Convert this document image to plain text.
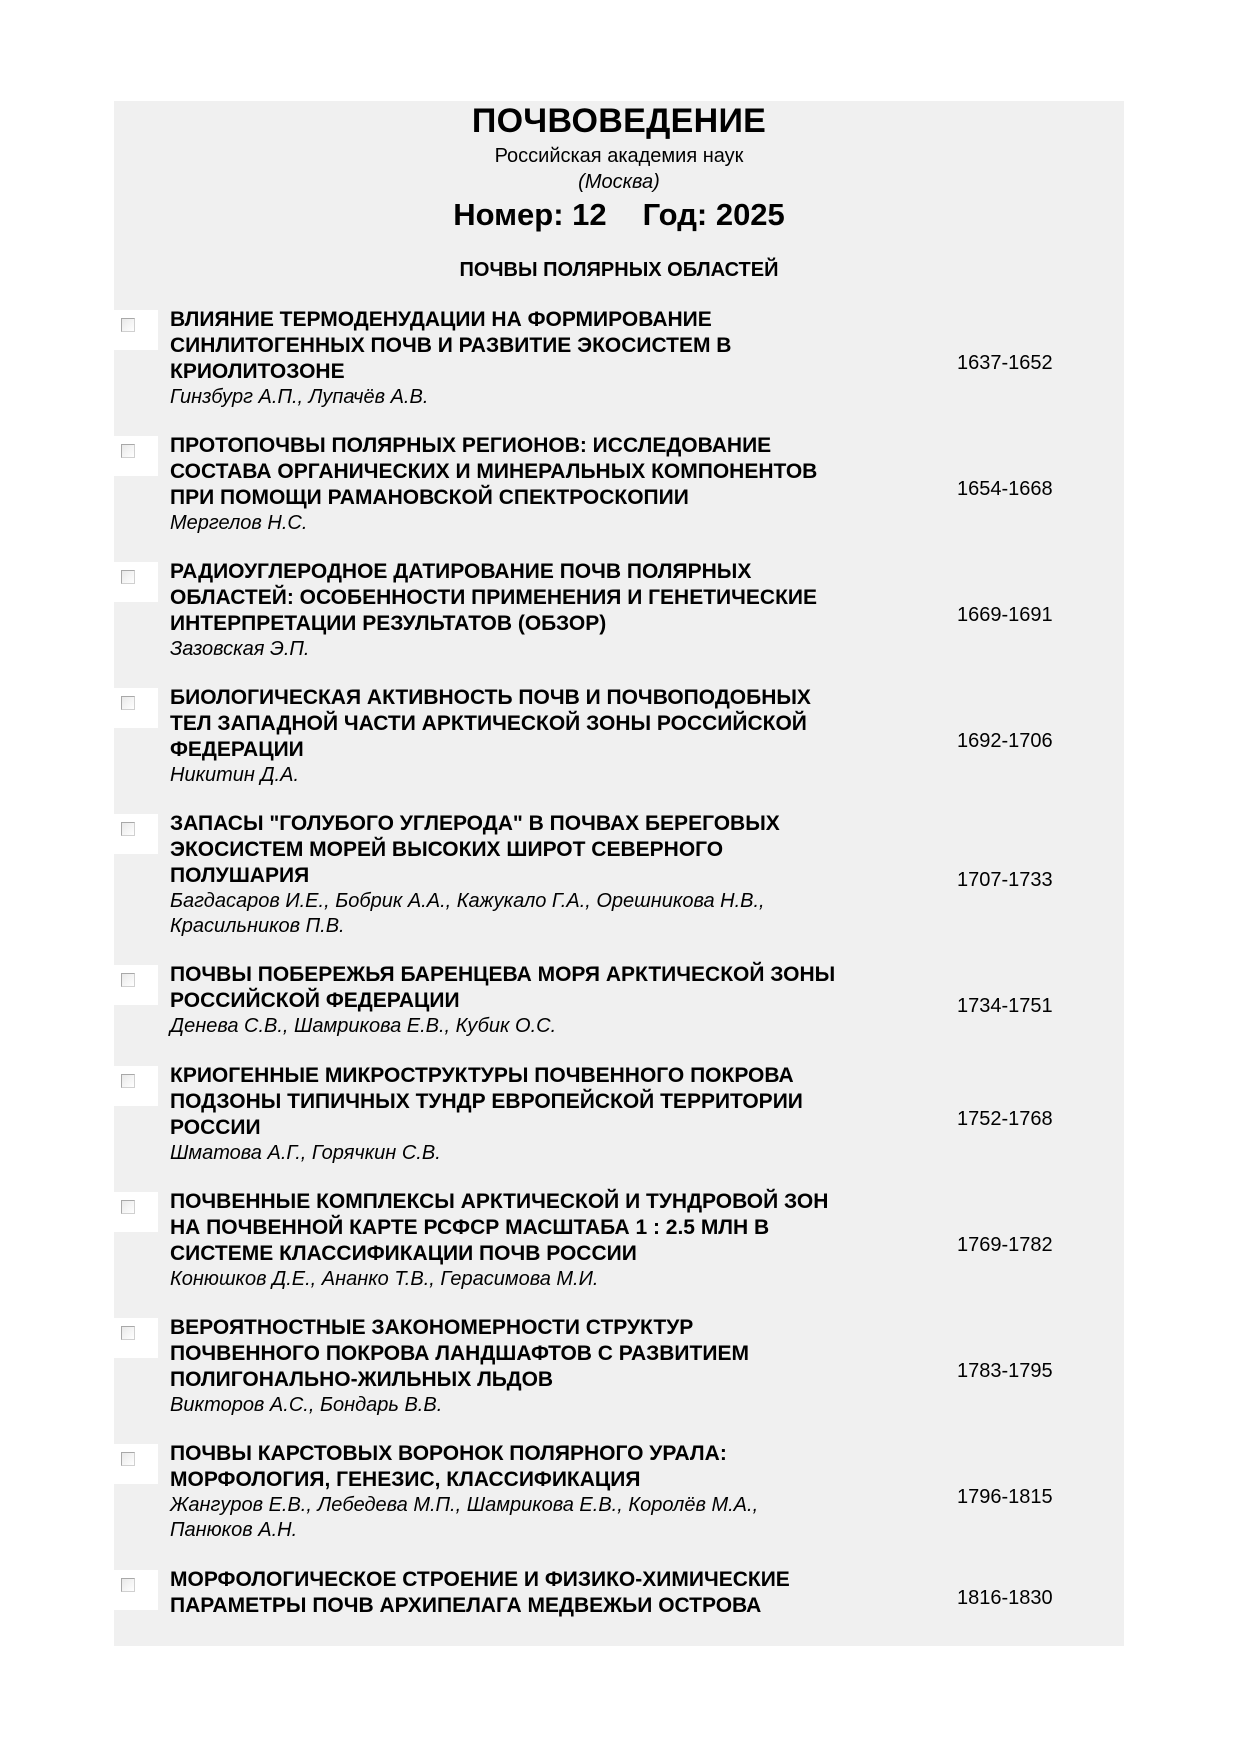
ПОЧВОВЕДЕНИЕ
Российская академия наук
(Москва)
Номер: 12 Год: 2025
ПОЧВЫ ПОЛЯРНЫХ ОБЛАСТЕЙ
ВЛИЯНИЕ ТЕРМОДЕНУДАЦИИ НА ФОРМИРОВАНИЕ
СИНЛИТОГЕННЫХ ПОЧВ И РАЗВИТИЕ ЭКОСИСТЕМ В
КРИОЛИТОЗОНЕ
Гинзбург А.П., Лупачёв А.В.
1637-1652
ПРОТОПОЧВЫ ПОЛЯРНЫХ РЕГИОНОВ: ИССЛЕДОВАНИЕ
СОСТАВА ОРГАНИЧЕСКИХ И МИНЕРАЛЬНЫХ КОМПОНЕНТОВ
ПРИ ПОМОЩИ РАМАНОВСКОЙ СПЕКТРОСКОПИИ
Мергелов Н.С.
1654-1668
РАДИОУГЛЕРОДНОЕ ДАТИРОВАНИЕ ПОЧВ ПОЛЯРНЫХ
ОБЛАСТЕЙ: ОСОБЕННОСТИ ПРИМЕНЕНИЯ И ГЕНЕТИЧЕСКИЕ
ИНТЕРПРЕТАЦИИ РЕЗУЛЬТАТОВ (ОБЗОР)
Зазовская Э.П.
1669-1691
БИОЛОГИЧЕСКАЯ АКТИВНОСТЬ ПОЧВ И ПОЧВОПОДОБНЫХ
ТЕЛ ЗАПАДНОЙ ЧАСТИ АРКТИЧЕСКОЙ ЗОНЫ РОССИЙСКОЙ
ФЕДЕРАЦИИ
Никитин Д.А.
1692-1706
ЗАПАСЫ "ГОЛУБОГО УГЛЕРОДА" В ПОЧВАХ БЕРЕГОВЫХ
ЭКОСИСТЕМ МОРЕЙ ВЫСОКИХ ШИРОТ СЕВЕРНОГО
ПОЛУШАРИЯ
Багдасаров И.Е., Бобрик А.А., Кажукало Г.А., Орешникова Н.В.,
Красильников П.В.
1707-1733
ПОЧВЫ ПОБЕРЕЖЬЯ БАРЕНЦЕВА МОРЯ АРКТИЧЕСКОЙ ЗОНЫ
РОССИЙСКОЙ ФЕДЕРАЦИИ
Денева С.В., Шамрикова Е.В., Кубик О.С.
1734-1751
КРИОГЕННЫЕ МИКРОСТРУКТУРЫ ПОЧВЕННОГО ПОКРОВА
ПОДЗОНЫ ТИПИЧНЫХ ТУНДР ЕВРОПЕЙСКОЙ ТЕРРИТОРИИ
РОССИИ
Шматова А.Г., Горячкин С.В.
1752-1768
ПОЧВЕННЫЕ КОМПЛЕКСЫ АРКТИЧЕСКОЙ И ТУНДРОВОЙ ЗОН
НА ПОЧВЕННОЙ КАРТЕ РСФСР МАСШТАБА 1 : 2.5 МЛН В
СИСТЕМЕ КЛАССИФИКАЦИИ ПОЧВ РОССИИ
Конюшков Д.Е., Ананко Т.В., Герасимова М.И.
1769-1782
ВЕРОЯТНОСТНЫЕ ЗАКОНОМЕРНОСТИ СТРУКТУР
ПОЧВЕННОГО ПОКРОВА ЛАНДШАФТОВ С РАЗВИТИЕМ
ПОЛИГОНАЛЬНО-ЖИЛЬНЫХ ЛЬДОВ
Викторов А.С., Бондарь В.В.
1783-1795
ПОЧВЫ КАРСТОВЫХ ВОРОНОК ПОЛЯРНОГО УРАЛА:
МОРФОЛОГИЯ, ГЕНЕЗИС, КЛАССИФИКАЦИЯ
Жангуров Е.В., Лебедева М.П., Шамрикова Е.В., Королёв М.А.,
Панюков А.Н.
1796-1815
МОРФОЛОГИЧЕСКОЕ СТРОЕНИЕ И ФИЗИКО-ХИМИЧЕСКИЕ
ПАРАМЕТРЫ ПОЧВ АРХИПЕЛАГА МЕДВЕЖЬИ ОСТРОВА	1816-1830
